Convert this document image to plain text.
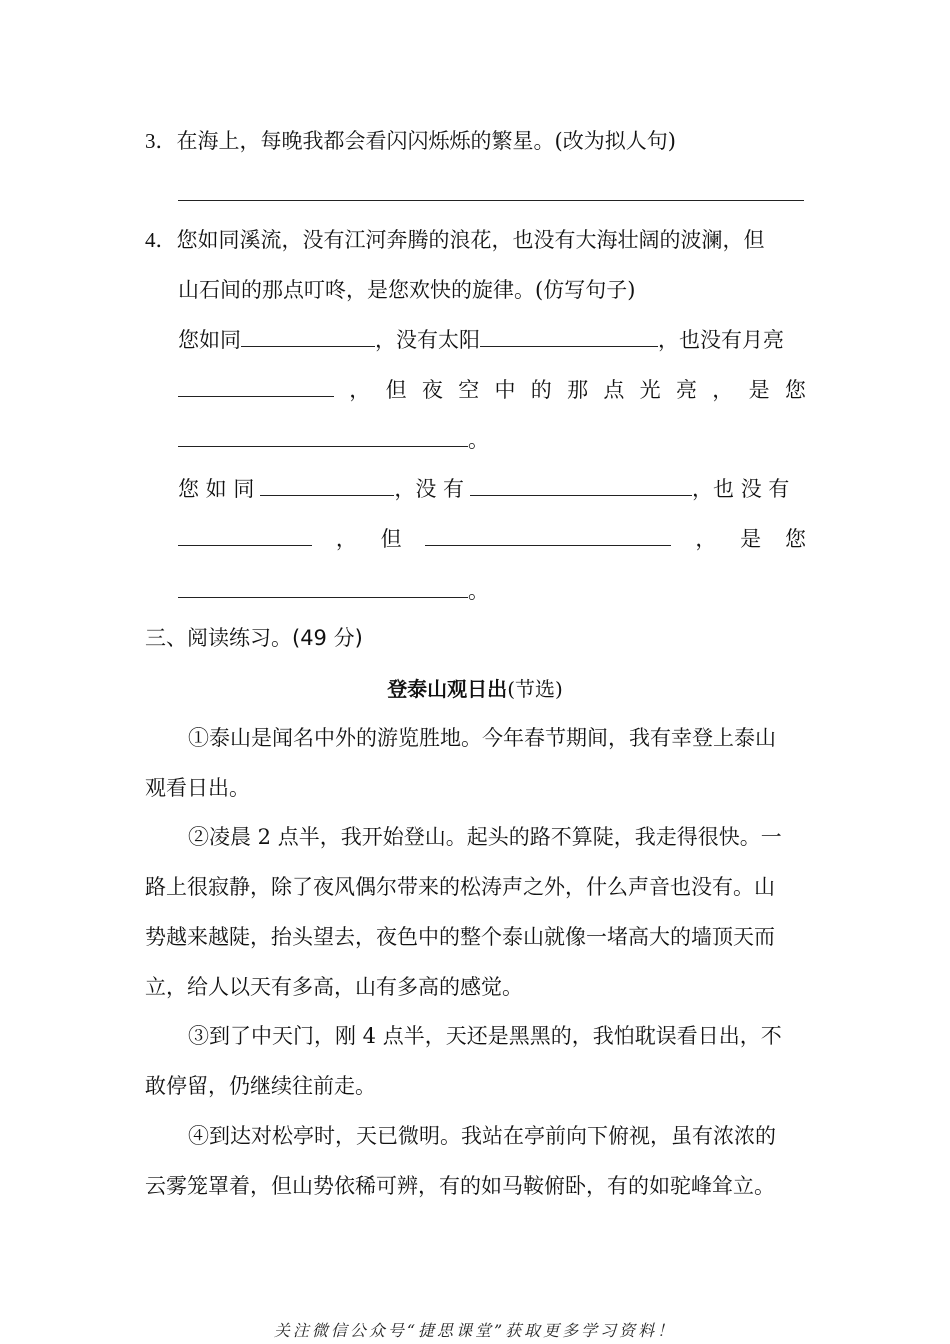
3．在海上，每晚我都会看闪闪烁烁的繁星。(改为拟人句)
4．您如同溪流，没有江河奔腾的浪花，也没有大海壮阔的波澜，但
山石间的那点叮咚，是您欢快的旋律。(仿写句子)
您如同	，没有太阳	，也没有月亮
， 但 夜 空 中 的 那 点 光 亮 ， 是 您
。
您 如 同	，没 有	，也 没 有
， 但	， 是 您
。
三、阅读练习。(49 分)
登泰山观日出(节选)
①泰山是闻名中外的游览胜地。今年春节期间，我有幸登上泰山
观看日出。
②凌晨 2 点半，我开始登山。起头的路不算陡，我走得很快。一
路上很寂静，除了夜风偶尔带来的松涛声之外，什么声音也没有。山
势越来越陡，抬头望去，夜色中的整个泰山就像一堵高大的墙顶天而
立，给人以天有多高，山有多高的感觉。
③到了中天门，刚 4 点半，天还是黑黑的，我怕耽误看日出，不
敢停留，仍继续往前走。
④到达对松亭时，天已微明。我站在亭前向下俯视，虽有浓浓的
云雾笼罩着，但山势依稀可辨，有的如马鞍俯卧，有的如驼峰耸立。
关注微信公众号“捷思课堂”获取更多学习资料！
